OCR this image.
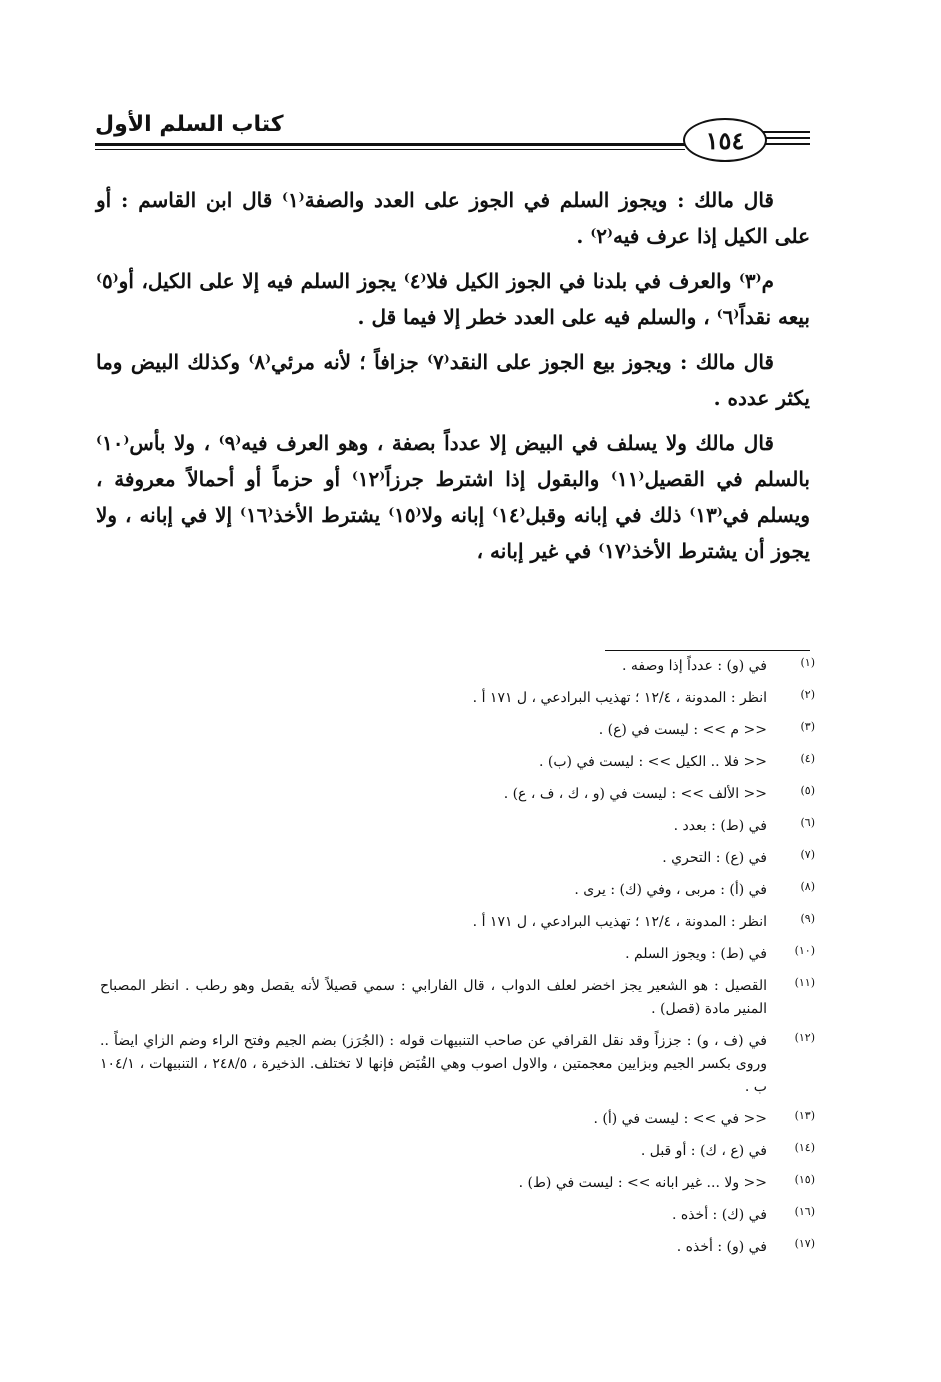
كتاب السلم الأول
١٥٤

قال مالك : ويجوز السلم في الجوز على العدد والصفة⁽١⁾ قال ابن القاسم : أو على الكيل إذا عرف فيه⁽٢⁾ .

م⁽٣⁾ والعرف في بلدنا في الجوز الكيل فلا⁽٤⁾ يجوز السلم فيه إلا على الكيل، أو⁽٥⁾ بيعه نقداً⁽٦⁾ ، والسلم فيه على العدد خطر إلا فيما قل .

قال مالك : ويجوز بيع الجوز على النقد⁽٧⁾ جزافاً ؛ لأنه مرئي⁽٨⁾ وكذلك البيض وما يكثر عدده .

قال مالك ولا يسلف في البيض إلا عدداً بصفة ، وهو العرف فيه⁽٩⁾ ، ولا بأس⁽١٠⁾ بالسلم في القصيل⁽١١⁾ والبقول إذا اشترط جرزاً⁽١٢⁾ أو حزماً أو أحمالاً معروفة ، ويسلم في⁽١٣⁾ ذلك في إبانه وقبل⁽١٤⁾ إبانه ولا⁽١٥⁾ يشترط الأخذ⁽١٦⁾ إلا في إبانه ، ولا يجوز أن يشترط الأخذ⁽١٧⁾ في غير إبانه ،

(١)
في (و) : عدداً إذا وصفه .
(٢)
انظر : المدونة ، ١٢/٤ ؛ تهذيب البرادعي ، ل ١٧١ أ .
(٣)
<< م >> : ليست في (ع) .
(٤)
<< فلا .. الكيل >> : ليست في (ب) .
(٥)
<< الألف >> : ليست في (و ، ك ، ف ، ع) .
(٦)
في (ط) : بعدد .
(٧)
في (ع) : التحري .
(٨)
في (أ) : مربى ، وفي (ك) : يرى .
(٩)
انظر : المدونة ، ١٢/٤ ؛ تهذيب البرادعي ، ل ١٧١ أ .
(١٠)
في (ط) : ويجوز السلم .
(١١)
القصيل : هو الشعير يجز اخضر لعلف الدواب ، قال الفارابي : سمي قصيلاً لأنه يقصل وهو رطب . انظر المصباح المنير مادة (قصل) .
(١٢)
في (ف ، و) : جززاً وقد نقل القرافي عن صاحب التنبيهات قوله : (الجُرَز) بضم الجيم وفتح الراء وضم الزاي ايضاً .. وروى بكسر الجيم وبزايين معجمتين ، والاول اصوب وهي القُبَض فإنها لا تختلف. الذخيرة ، ٢٤٨/٥ ، التنبيهات ، ١٠٤/١ ب .
(١٣)
<< في >> : ليست في (أ) .
(١٤)
في (ع ، ك) : أو قبل .
(١٥)
<< ولا ... غير ابانه >> : ليست في (ط) .
(١٦)
في (ك) : أخذه .
(١٧)
في (و) : أخذه .
